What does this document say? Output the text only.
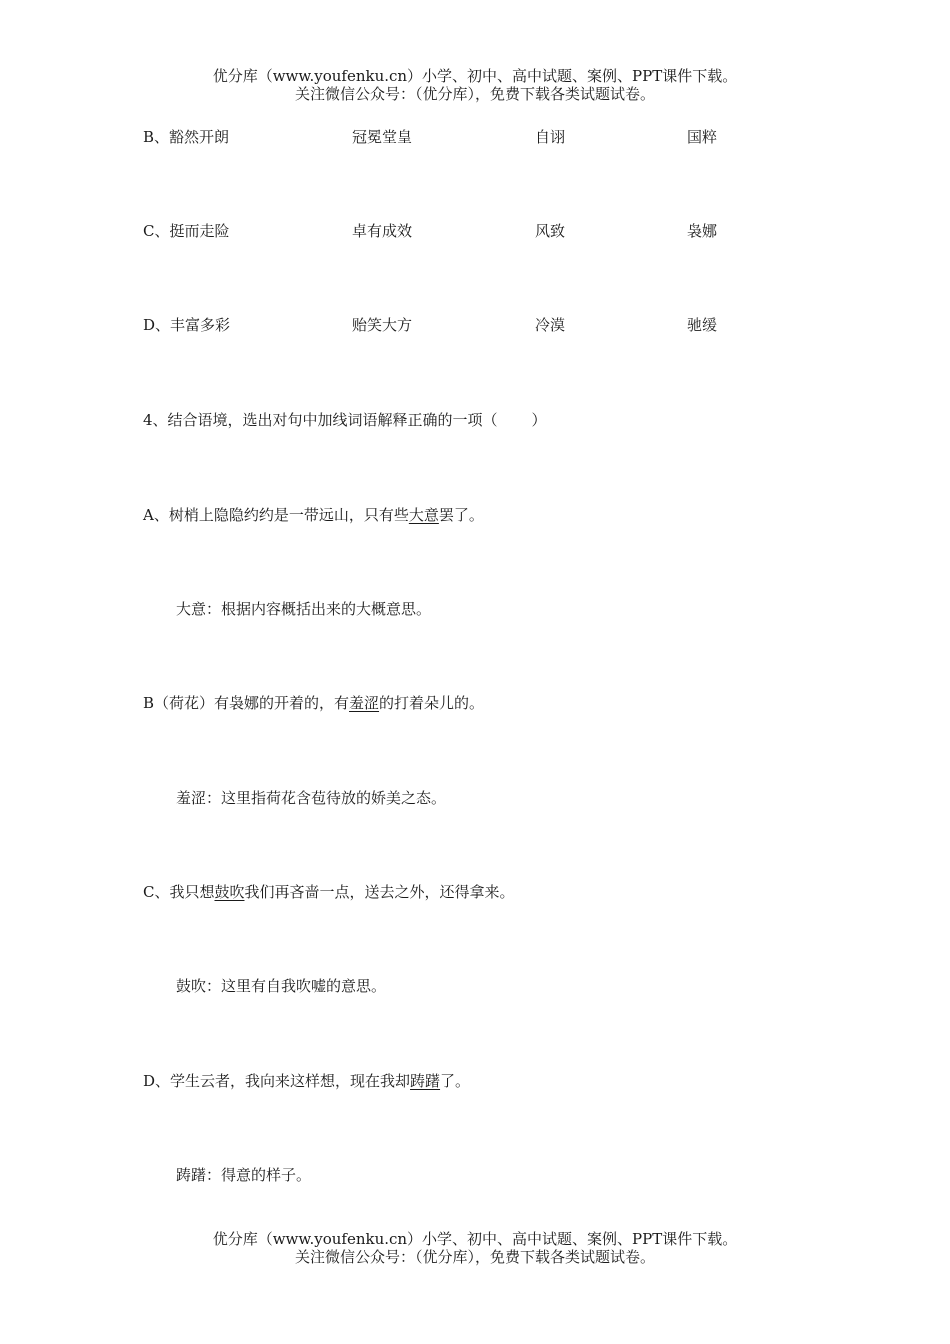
优分库（www.youfenku.cn）小学、初中、高中试题、案例、PPT课件下载。
关注微信公众号：（优分库），免费下载各类试题试卷。
B、豁然开朗	冠冕堂皇	自诩	国粹
C、挺而走险	卓有成效	风致	袅娜
D、丰富多彩	贻笑大方	冷漠	驰缓
4、结合语境，选出对句中加线词语解释正确的一项（ ）
A、树梢上隐隐约约是一带远山，只有些大意罢了。
大意：根据内容概括出来的大概意思。
B（荷花）有袅娜的开着的，有羞涩的打着朵儿的。
羞涩：这里指荷花含苞待放的娇美之态。
C、我只想鼓吹我们再吝啬一点，送去之外，还得拿来。
鼓吹：这里有自我吹嘘的意思。
D、学生云者，我向来这样想，现在我却踌躇了。
踌躇：得意的样子。
优分库（www.youfenku.cn）小学、初中、高中试题、案例、PPT课件下载。
关注微信公众号：（优分库），免费下载各类试题试卷。
